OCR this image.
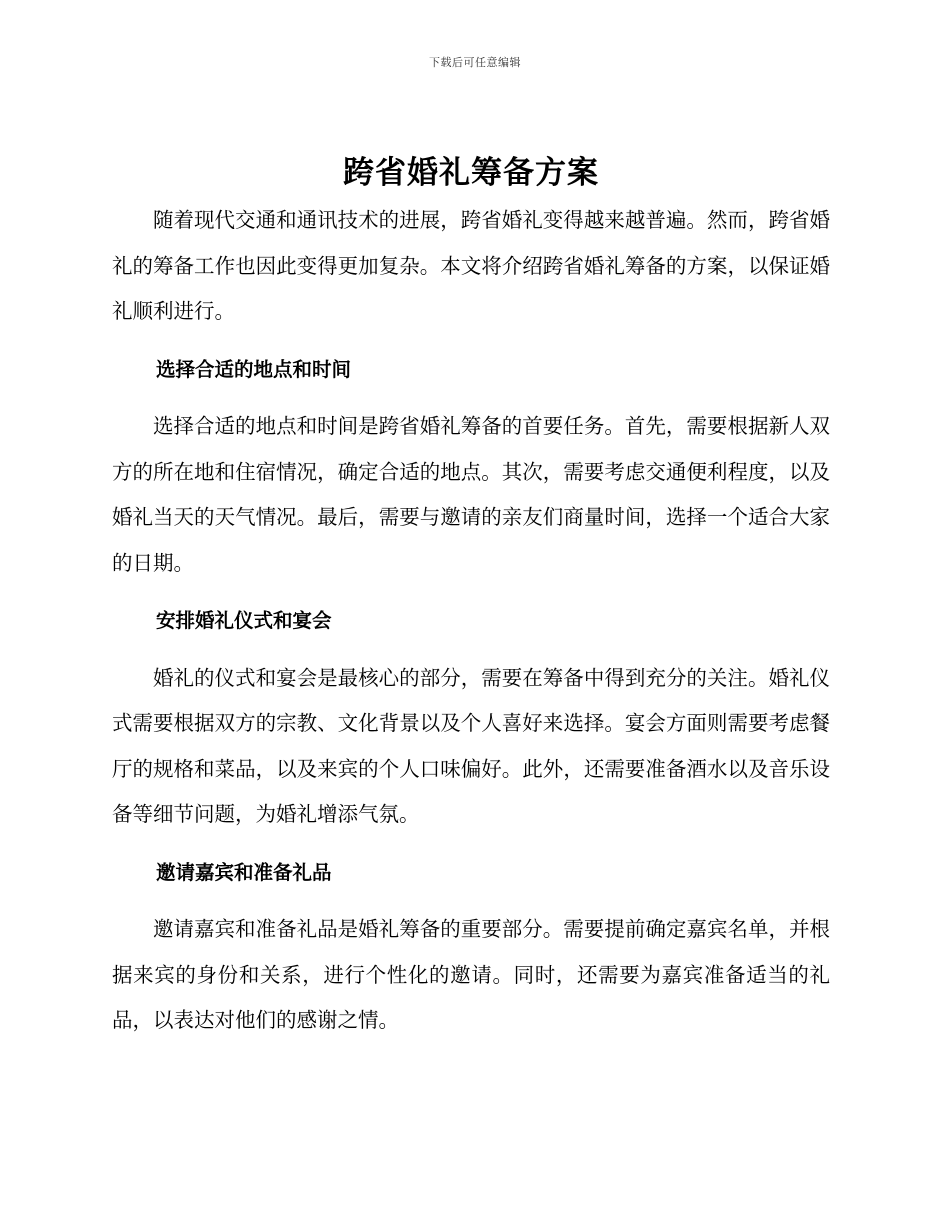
下载后可任意编辑
跨省婚礼筹备方案

随着现代交通和通讯技术的进展，跨省婚礼变得越来越普遍。然而，跨省婚礼的筹备工作也因此变得更加复杂。本文将介绍跨省婚礼筹备的方案，以保证婚礼顺利进行。

选择合适的地点和时间

选择合适的地点和时间是跨省婚礼筹备的首要任务。首先，需要根据新人双方的所在地和住宿情况，确定合适的地点。其次，需要考虑交通便利程度，以及婚礼当天的天气情况。最后，需要与邀请的亲友们商量时间，选择一个适合大家的日期。

安排婚礼仪式和宴会

婚礼的仪式和宴会是最核心的部分，需要在筹备中得到充分的关注。婚礼仪式需要根据双方的宗教、文化背景以及个人喜好来选择。宴会方面则需要考虑餐厅的规格和菜品，以及来宾的个人口味偏好。此外，还需要准备酒水以及音乐设备等细节问题，为婚礼增添气氛。

邀请嘉宾和准备礼品

邀请嘉宾和准备礼品是婚礼筹备的重要部分。需要提前确定嘉宾名单，并根据来宾的身份和关系，进行个性化的邀请。同时，还需要为嘉宾准备适当的礼品，以表达对他们的感谢之情。
